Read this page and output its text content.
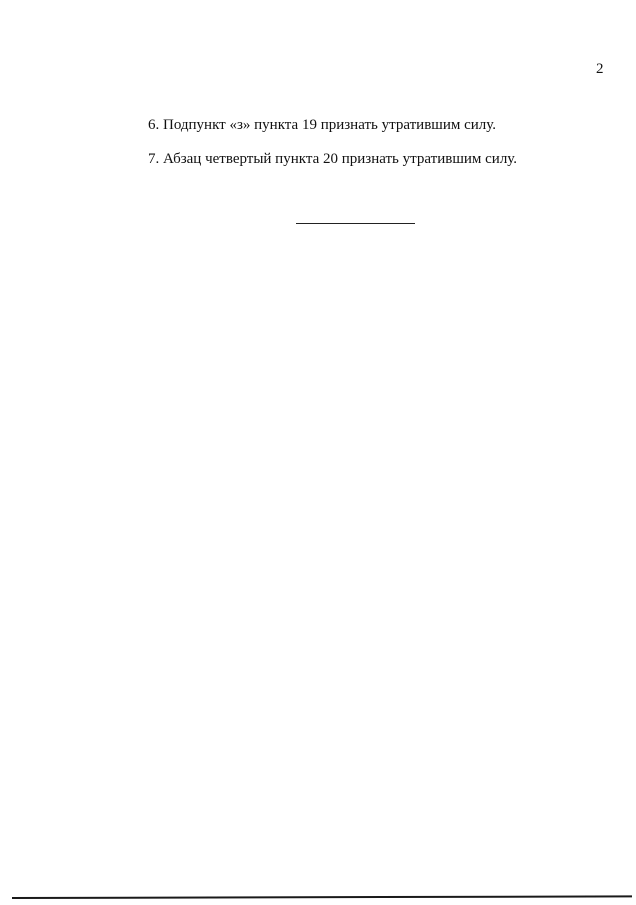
2
6. Подпункт «з» пункта 19 признать утратившим силу.
7. Абзац четвертый пункта 20 признать утратившим силу.
